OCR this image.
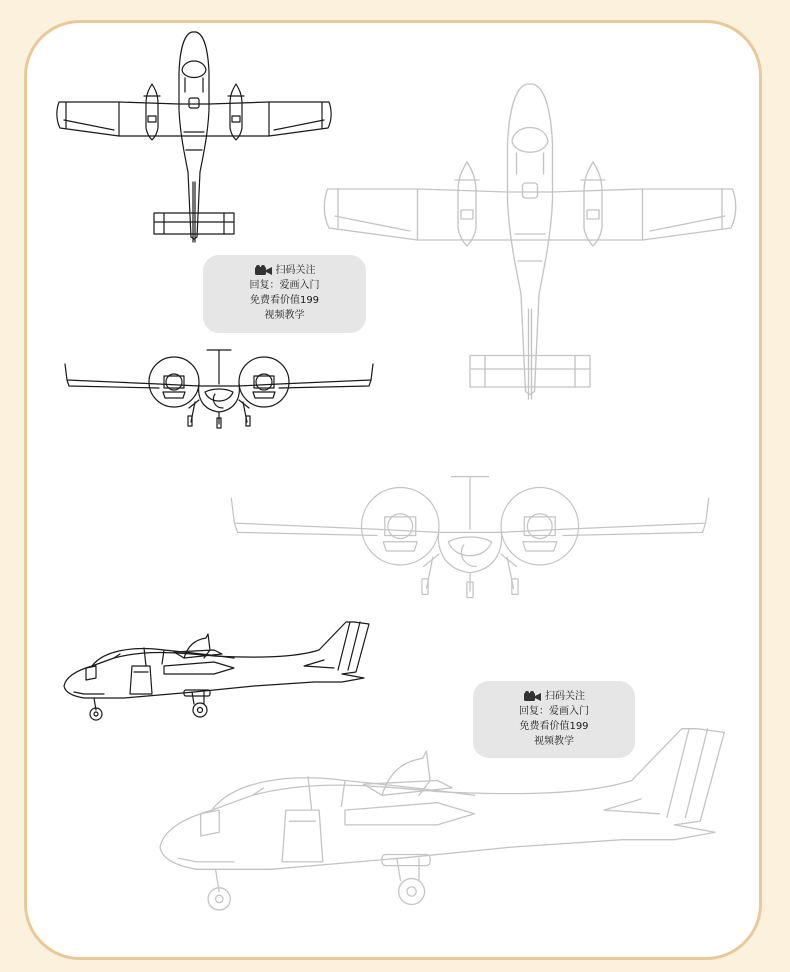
扫码关注
回复：爱画入门
免费看价值199
视频教学
扫码关注
回复：爱画入门
免费看价值199
视频教学
